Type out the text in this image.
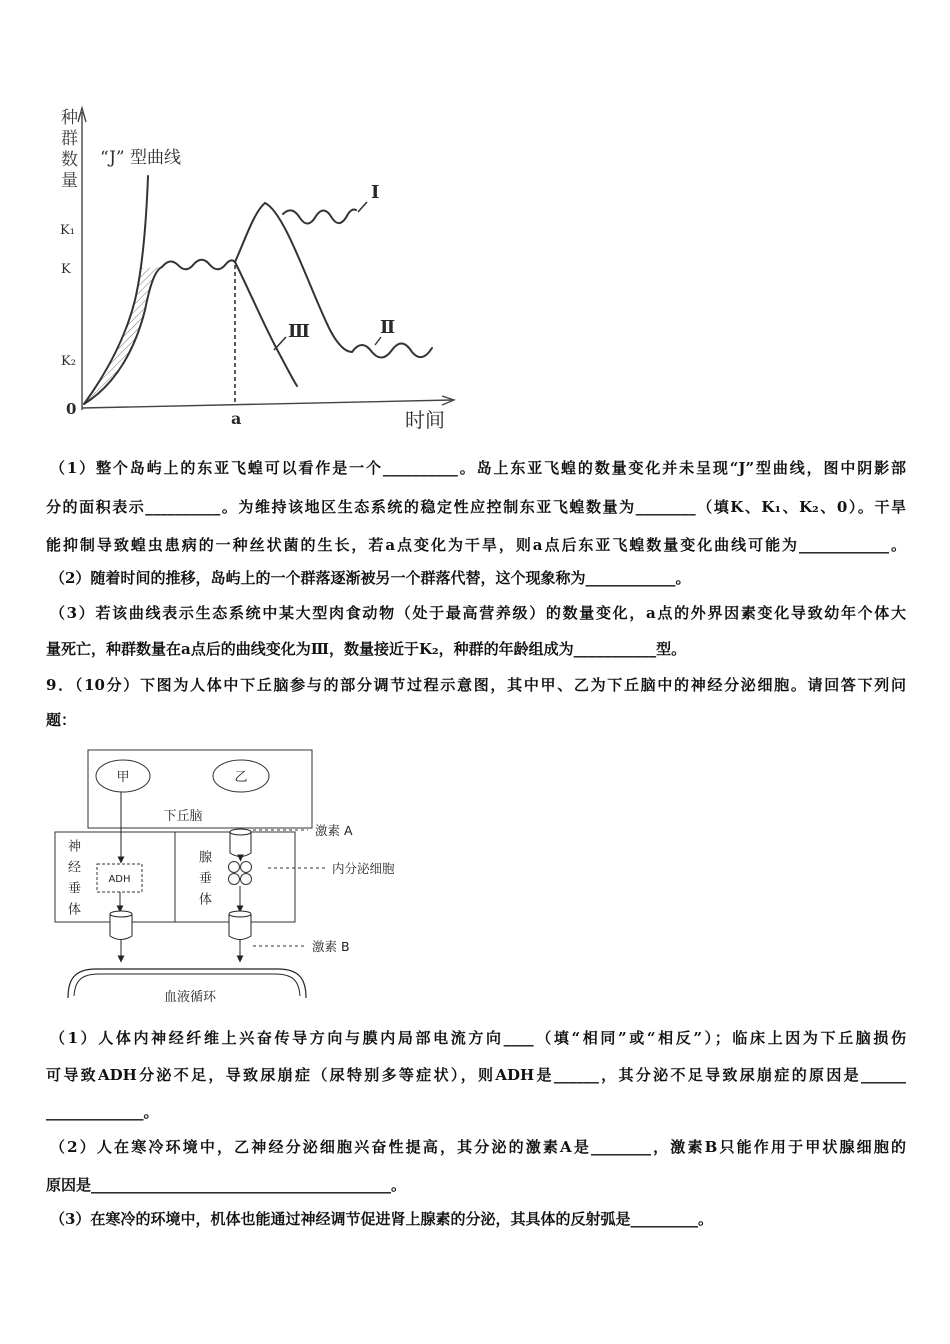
“J” 型曲线
K₁
K
K₂
0	a	时间
Ⅰ
Ⅱ
Ⅲ
种群数量
（1）整个岛屿上的东亚飞蝗可以看作是一个__________。岛上东亚飞蝗的数量变化并未呈现“J”型曲线，图中阴影部
分的面积表示__________。为维持该地区生态系统的稳定性应控制东亚飞蝗数量为________（填K、K₁、K₂、0）。干旱
能抑制导致蝗虫患病的一种丝状菌的生长，若a点变化为干旱，则a点后东亚飞蝗数量变化曲线可能为____________。
（2）随着时间的推移，岛屿上的一个群落逐渐被另一个群落代替，这个现象称为____________。
（3）若该曲线表示生态系统中某大型肉食动物（处于最高营养级）的数量变化，a点的外界因素变化导致幼年个体大
量死亡，种群数量在a点后的曲线变化为Ⅲ，数量接近于K₂，种群的年龄组成为___________型。
9．（10分）下图为人体中下丘脑参与的部分调节过程示意图，其中甲、乙为下丘脑中的神经分泌细胞。请回答下列问
题：
甲	乙
下丘脑
激素 A
ADH
内分泌细胞
激素 B
血液循环
神经垂体	腺垂体
（1）人体内神经纤维上兴奋传导方向与膜内局部电流方向____（填“相同”或“相反”）；临床上因为下丘脑损伤
可导致ADH分泌不足，导致尿崩症（尿特别多等症状），则ADH是______，其分泌不足导致尿崩症的原因是______
_____________。
（2）人在寒冷环境中，乙神经分泌细胞兴奋性提高，其分泌的激素A是________，激素B只能作用于甲状腺细胞的
原因是________________________________________。
（3）在寒冷的环境中，机体也能通过神经调节促进肾上腺素的分泌，其具体的反射弧是_________。
